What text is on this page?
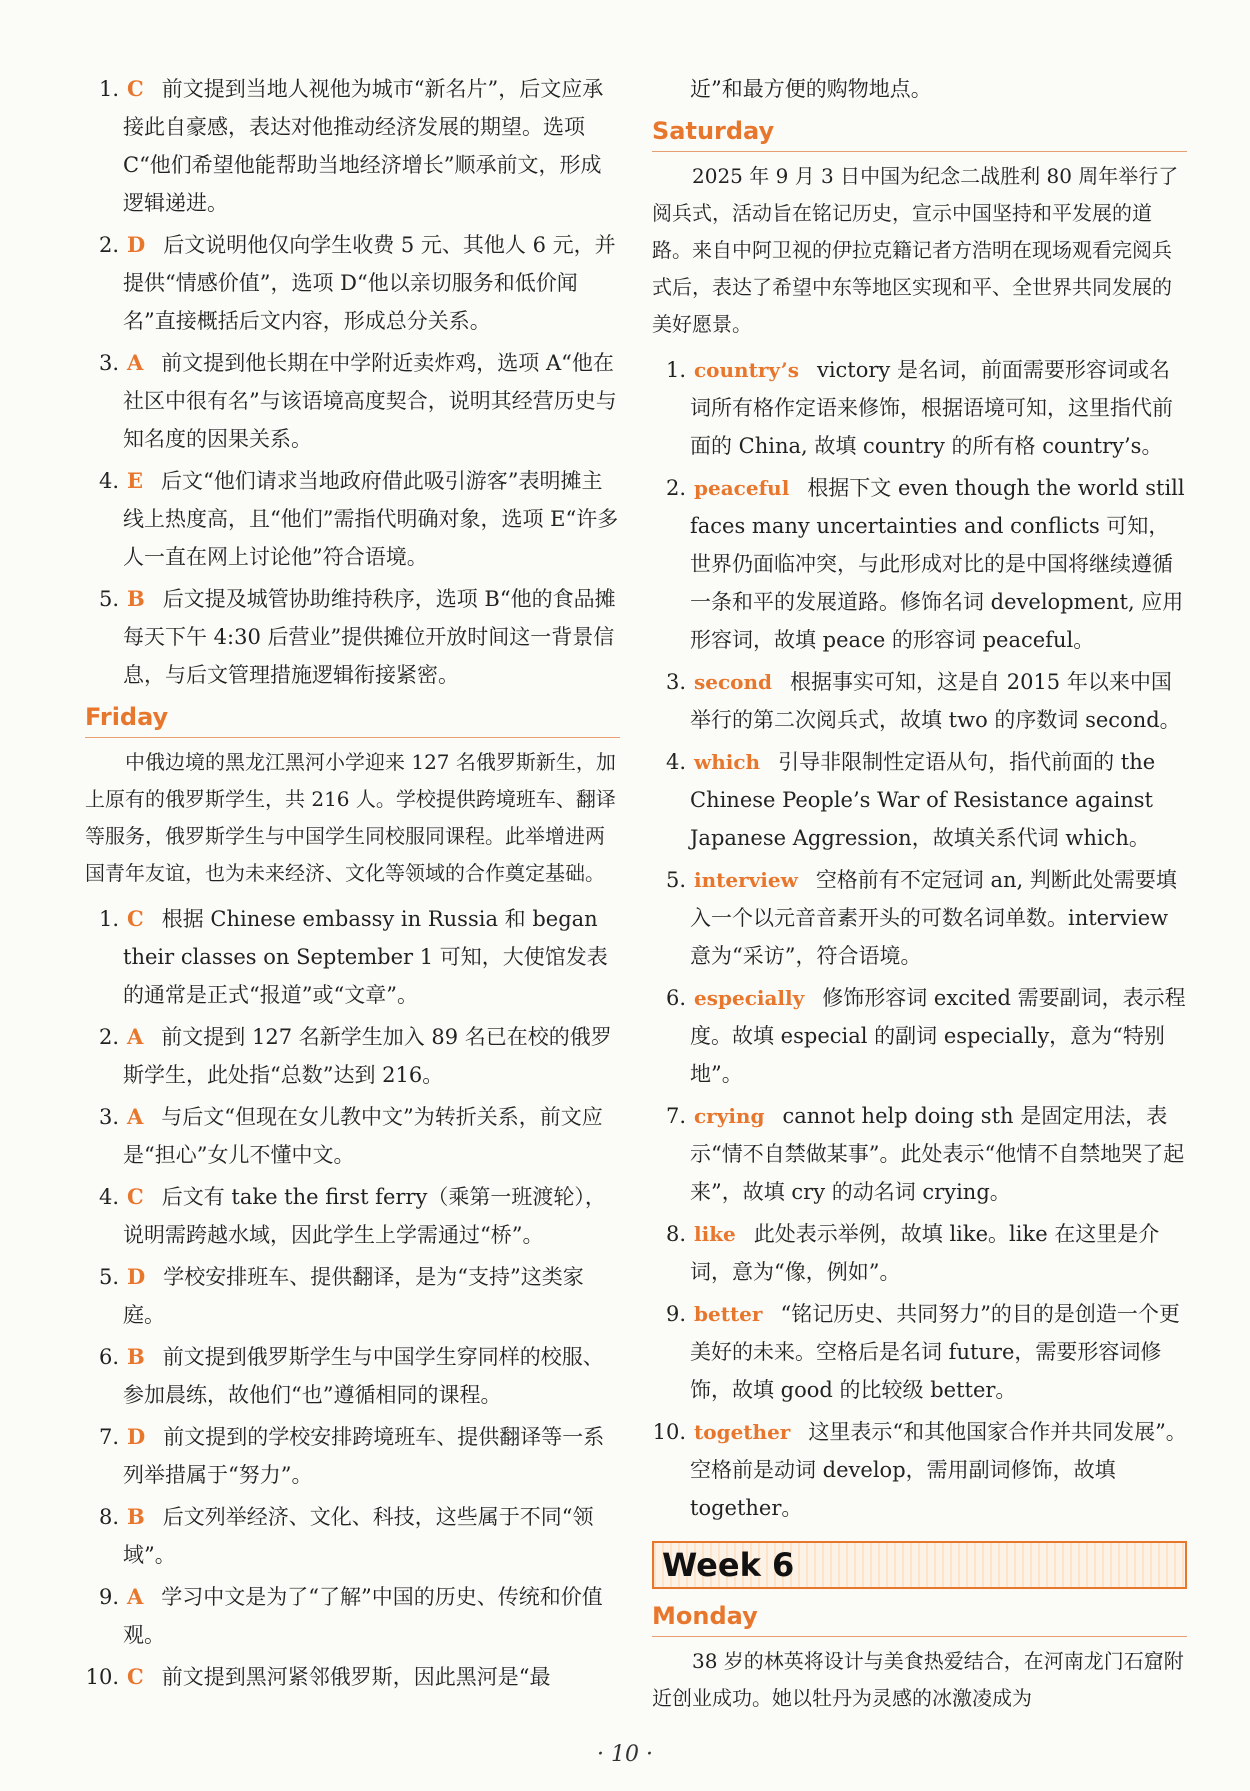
1. C 前文提到当地人视他为城市“新名片”，后文应承接此自豪感，表达对他推动经济发展的期望。选项 C“他们希望他能帮助当地经济增长”顺承前文，形成逻辑递进。
2. D 后文说明他仅向学生收费 5 元、其他人 6 元，并提供“情感价值”，选项 D“他以亲切服务和低价闻名”直接概括后文内容，形成总分关系。
3. A 前文提到他长期在中学附近卖炸鸡，选项 A“他在社区中很有名”与该语境高度契合，说明其经营历史与知名度的因果关系。
4. E 后文“他们请求当地政府借此吸引游客”表明摊主线上热度高，且“他们”需指代明确对象，选项 E“许多人一直在网上讨论他”符合语境。
5. B 后文提及城管协助维持秩序，选项 B“他的食品摊每天下午 4:30 后营业”提供摊位开放时间这一背景信息，与后文管理措施逻辑衔接紧密。
Friday
中俄边境的黑龙江黑河小学迎来 127 名俄罗斯新生，加上原有的俄罗斯学生，共 216 人。学校提供跨境班车、翻译等服务，俄罗斯学生与中国学生同校服同课程。此举增进两国青年友谊，也为未来经济、文化等领域的合作奠定基础。
1. C 根据 Chinese embassy in Russia 和 began their classes on September 1 可知，大使馆发表的通常是正式“报道”或“文章”。
2. A 前文提到 127 名新学生加入 89 名已在校的俄罗斯学生，此处指“总数”达到 216。
3. A 与后文“但现在女儿教中文”为转折关系，前文应是“担心”女儿不懂中文。
4. C 后文有 take the first ferry（乘第一班渡轮），说明需跨越水域，因此学生上学需通过“桥”。
5. D 学校安排班车、提供翻译，是为“支持”这类家庭。
6. B 前文提到俄罗斯学生与中国学生穿同样的校服、参加晨练，故他们“也”遵循相同的课程。
7. D 前文提到的学校安排跨境班车、提供翻译等一系列举措属于“努力”。
8. B 后文列举经济、文化、科技，这些属于不同“领域”。
9. A 学习中文是为了“了解”中国的历史、传统和价值观。
10. C 前文提到黑河紧邻俄罗斯，因此黑河是“最
近”和最方便的购物地点。
Saturday
2025 年 9 月 3 日中国为纪念二战胜利 80 周年举行了阅兵式，活动旨在铭记历史，宣示中国坚持和平发展的道路。来自中阿卫视的伊拉克籍记者方浩明在现场观看完阅兵式后，表达了希望中东等地区实现和平、全世界共同发展的美好愿景。
1. country’s victory 是名词，前面需要形容词或名词所有格作定语来修饰，根据语境可知，这里指代前面的 China, 故填 country 的所有格 country’s。
2. peaceful 根据下文 even though the world still faces many uncertainties and conflicts 可知，世界仍面临冲突，与此形成对比的是中国将继续遵循一条和平的发展道路。修饰名词 development, 应用形容词，故填 peace 的形容词 peaceful。
3. second 根据事实可知，这是自 2015 年以来中国举行的第二次阅兵式，故填 two 的序数词 second。
4. which 引导非限制性定语从句，指代前面的 the Chinese People’s War of Resistance against Japanese Aggression，故填关系代词 which。
5. interview 空格前有不定冠词 an, 判断此处需要填入一个以元音音素开头的可数名词单数。interview 意为“采访”，符合语境。
6. especially 修饰形容词 excited 需要副词，表示程度。故填 especial 的副词 especially，意为“特别地”。
7. crying cannot help doing sth 是固定用法，表示“情不自禁做某事”。此处表示“他情不自禁地哭了起来”，故填 cry 的动名词 crying。
8. like 此处表示举例，故填 like。like 在这里是介词，意为“像，例如”。
9. better “铭记历史、共同努力”的目的是创造一个更美好的未来。空格后是名词 future，需要形容词修饰，故填 good 的比较级 better。
10. together 这里表示“和其他国家合作并共同发展”。空格前是动词 develop，需用副词修饰，故填 together。
Week 6
Monday
38 岁的林英将设计与美食热爱结合，在河南龙门石窟附近创业成功。她以牡丹为灵感的冰激凌成为
· 10 ·
